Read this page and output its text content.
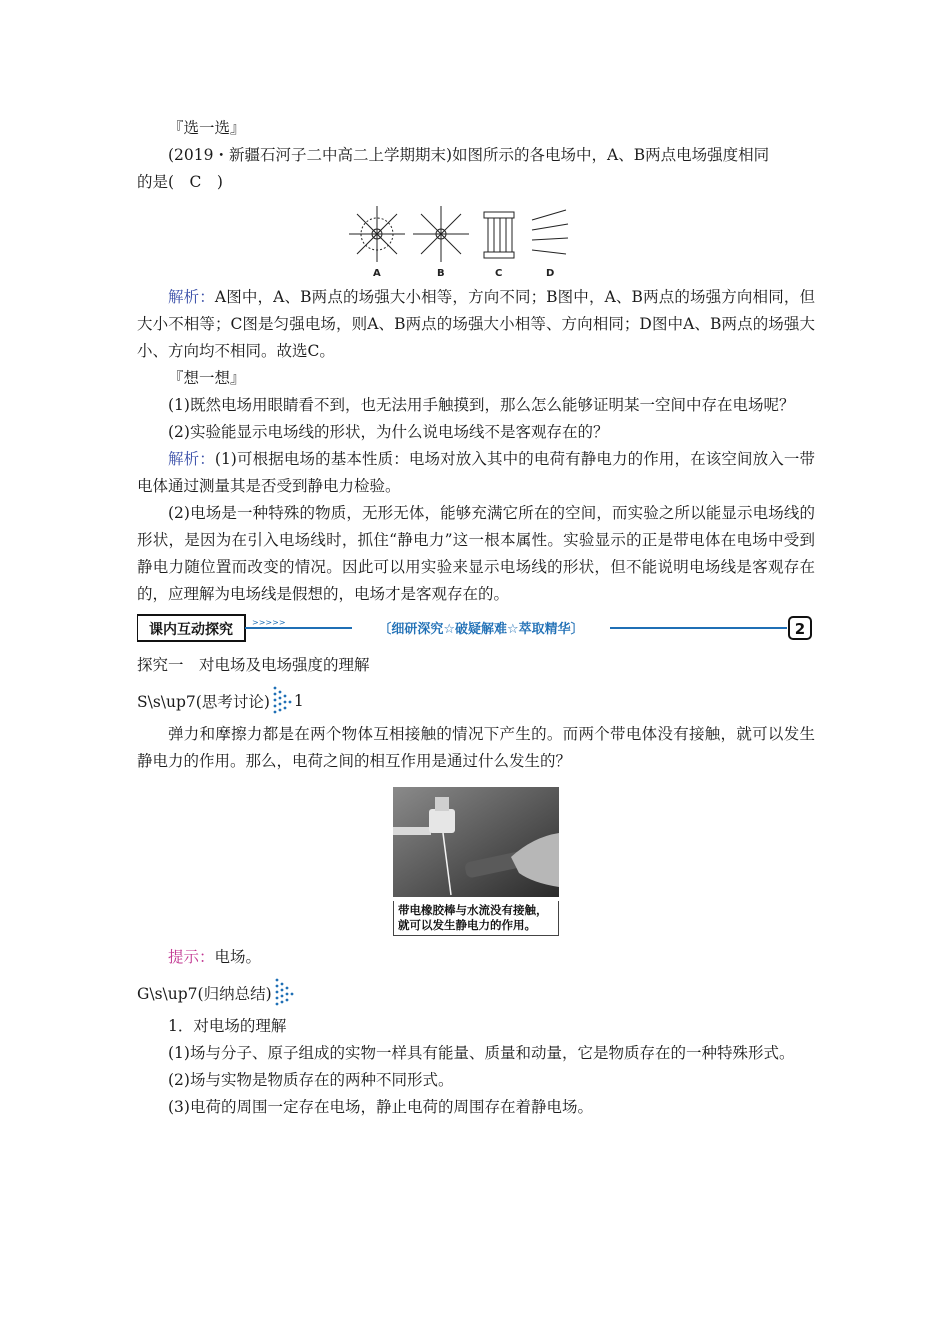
『选一选』

(2019・新疆石河子二中高二上学期期末)如图所示的各电场中，A、B两点电场强度相同

的是(　C　)

A	B	C	D

解析：A图中，A、B两点的场强大小相等，方向不同；B图中，A、B两点的场强方向相同，但大小不相等；C图是匀强电场，则A、B两点的场强大小相等、方向相同；D图中A、B两点的场强大小、方向均不相同。故选C。

『想一想』

(1)既然电场用眼睛看不到，也无法用手触摸到，那么怎么能够证明某一空间中存在电场呢？

(2)实验能显示电场线的形状，为什么说电场线不是客观存在的？

解析：(1)可根据电场的基本性质：电场对放入其中的电荷有静电力的作用，在该空间放入一带电体通过测量其是否受到静电力检验。

(2)电场是一种特殊的物质，无形无体，能够充满它所在的空间，而实验之所以能显示电场线的形状，是因为在引入电场线时，抓住“静电力”这一根本属性。实验显示的正是带电体在电场中受到静电力随位置而改变的情况。因此可以用实验来显示电场线的形状，但不能说明电场线是客观存在的，应理解为电场线是假想的，电场才是客观存在的。

课内互动探究 >>>>>	〔细研深究☆破疑解难☆萃取精华〕	2

探究一　对电场及电场强度的理解

S\s\up7(思考讨论) 1

弹力和摩擦力都是在两个物体互相接触的情况下产生的。而两个带电体没有接触，就可以发生静电力的作用。那么，电荷之间的相互作用是通过什么发生的？

带电橡胶棒与水流没有接触，
就可以发生静电力的作用。

提示：电场。

G\s\up7(归纳总结)

1．对电场的理解

(1)场与分子、原子组成的实物一样具有能量、质量和动量，它是物质存在的一种特殊形式。

(2)场与实物是物质存在的两种不同形式。

(3)电荷的周围一定存在电场，静止电荷的周围存在着静电场。
